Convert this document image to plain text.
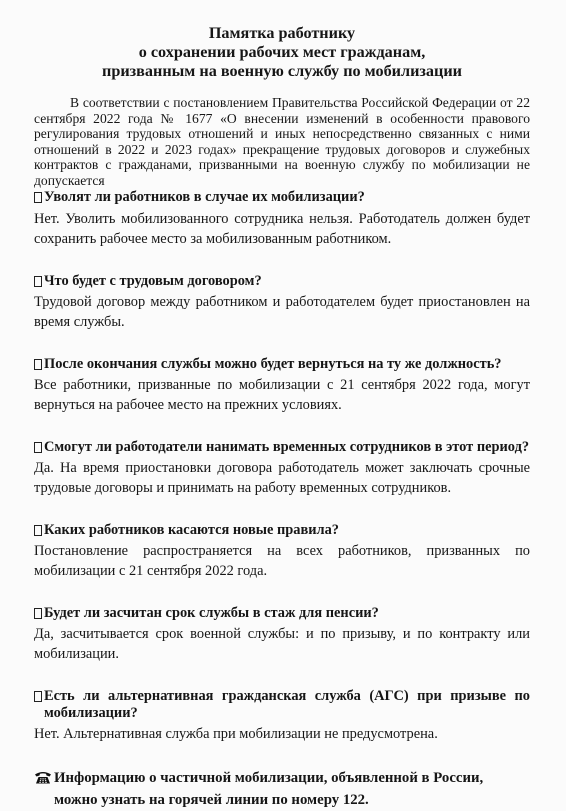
Памятка работнику
о сохранении рабочих мест гражданам,
призванным на военную службу по мобилизации

В соответствии с постановлением Правительства Российской Федерации от 22 сентября 2022 года № 1677 «О внесении изменений в особенности правового регулирования трудовых отношений и иных непосредственно связанных с ними отношений в 2022 и 2023 годах» прекращение трудовых договоров и служебных контрактов с гражданами, призванными на военную службу по мобилизации не допускается

Уволят ли работников в случае их мобилизации?

Нет. Уволить мобилизованного сотрудника нельзя. Работодатель должен будет сохранить рабочее место за мобилизованным работником.

Что будет с трудовым договором?

Трудовой договор между работником и работодателем будет приостановлен на время службы.

После окончания службы можно будет вернуться на ту же должность?

Все работники, призванные по мобилизации с 21 сентября 2022 года, могут вернуться на рабочее место на прежних условиях.

Смогут ли работодатели нанимать временных сотрудников в этот период?

Да. На время приостановки договора работодатель может заключать срочные трудовые договоры и принимать на работу временных сотрудников.

Каких работников касаются новые правила?

Постановление распространяется на всех работников, призванных по мобилизации с 21 сентября 2022 года.

Будет ли засчитан срок службы в стаж для пенсии?

Да, засчитывается срок военной службы: и по призыву, и по контракту или мобилизации.

Есть ли альтернативная гражданская служба (АГС) при призыве по мобилизации?

Нет. Альтернативная служба при мобилизации не предусмотрена.

Информацию о частичной мобилизации, объявленной в России, можно узнать на горячей линии по номеру 122.
